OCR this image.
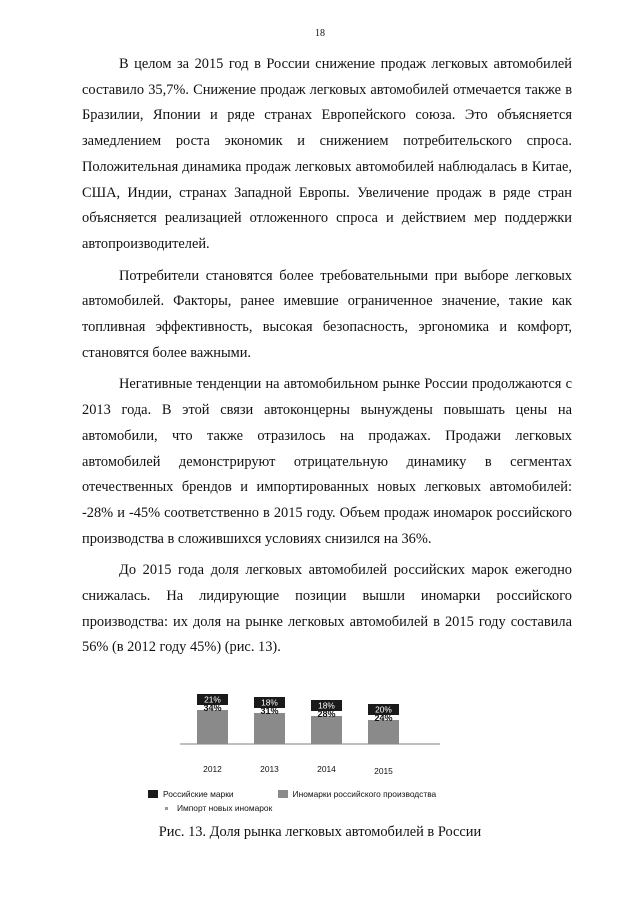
18

В целом за 2015 год в России снижение продаж легковых автомобилей составило 35,7%. Снижение продаж легковых автомобилей отмечается также в Бразилии, Японии и ряде странах Европейского союза. Это объясняется замедлением роста экономик и снижением потребительского спроса. Положительная динамика продаж легковых автомобилей наблюдалась в Китае, США, Индии, странах Западной Европы. Увеличение продаж в ряде стран объясняется реализацией отложенного спроса и действием мер поддержки автопроизводителей.

Потребители становятся более требовательными при выборе легковых автомобилей. Факторы, ранее имевшие ограниченное значение, такие как топливная эффективность, высокая безопасность, эргономика и комфорт, становятся более важными.

Негативные тенденции на автомобильном рынке России продолжаются с 2013 года. В этой связи автоконцерны вынуждены повышать цены на автомобили, что также отразилось на продажах. Продажи легковых автомобилей демонстрируют отрицательную динамику в сегментах отечественных брендов и импортированных новых легковых автомобилей: -28% и -45% соответственно в 2015 году. Объем продаж иномарок российского производства в сложившихся условиях снизился на 36%.

До 2015 года доля легковых автомобилей российских марок ежегодно снижалась. На лидирующие позиции вышли иномарки российского производства: их доля на рынке легковых автомобилей в 2015 году составила 56% (в 2012 году 45%) (рис. 13).

21%
34%
2012
18%
31%
2013
18%
28%
2014
20%
24%
2015
Российские марки	Иномарки российского производства
Импорт новых иномарок
Рис. 13. Доля рынка легковых автомобилей в России
